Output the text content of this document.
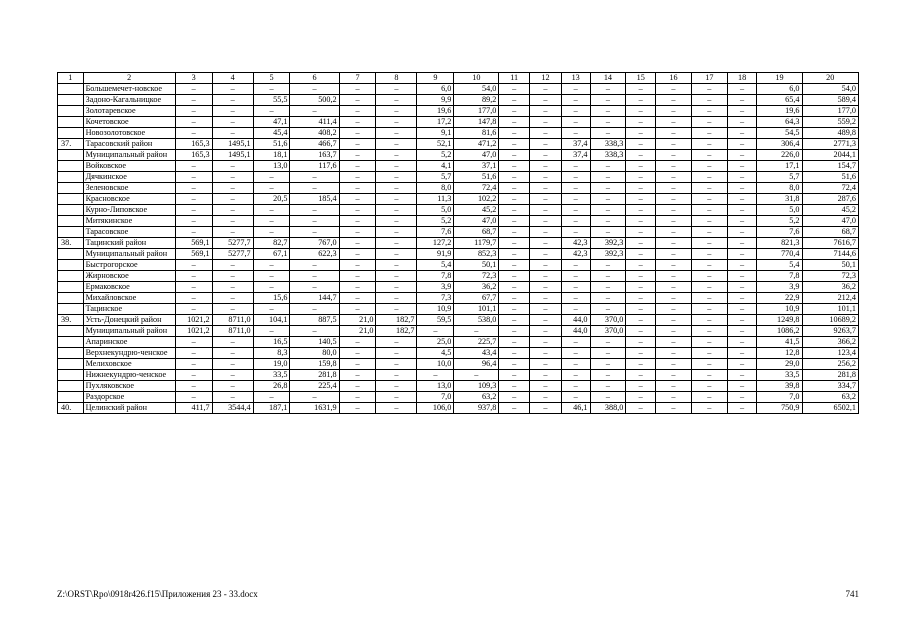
1	2	3	4	5	6	7	8	9	10	11	12	13	14	15	16	17	18	19	20
	Большемечет-новское	–	–	–	–	–	–	6,0	54,0	–	–	–	–	–	–	–	–	6,0	54,0
	Задоно-Кагальницкое	–	–	55,5	500,2	–	–	9,9	89,2	–	–	–	–	–	–	–	–	65,4	589,4
	Золотаревское	–	–	–	–	–	–	19,6	177,0	–	–	–	–	–	–	–	–	19,6	177,0
	Кочетовское	–	–	47,1	411,4	–	–	17,2	147,8	–	–	–	–	–	–	–	–	64,3	559,2
	Новозолотовское	–	–	45,4	408,2	–	–	9,1	81,6	–	–	–	–	–	–	–	–	54,5	489,8
37.	Тарасовский район	165,3	1495,1	51,6	466,7	–	–	52,1	471,2	–	–	37,4	338,3	–	–	–	–	306,4	2771,3
	Муниципальный район	165,3	1495,1	18,1	163,7	–	–	5,2	47,0	–	–	37,4	338,3	–	–	–	–	226,0	2044,1
	Войковское	–	–	13,0	117,6	–	–	4,1	37,1	–	–	–	–	–	–	–	–	17,1	154,7
	Дячкинское	–	–	–	–	–	–	5,7	51,6	–	–	–	–	–	–	–	–	5,7	51,6
	Зеленовское	–	–	–	–	–	–	8,0	72,4	–	–	–	–	–	–	–	–	8,0	72,4
	Красновское	–	–	20,5	185,4	–	–	11,3	102,2	–	–	–	–	–	–	–	–	31,8	287,6
	Курно-Липовское	–	–	–	–	–	–	5,0	45,2	–	–	–	–	–	–	–	–	5,0	45,2
	Митякинское	–	–	–	–	–	–	5,2	47,0	–	–	–	–	–	–	–	–	5,2	47,0
	Тарасовское	–	–	–	–	–	–	7,6	68,7	–	–	–	–	–	–	–	–	7,6	68,7
38.	Тацинский район	569,1	5277,7	82,7	767,0	–	–	127,2	1179,7	–	–	42,3	392,3	–	–	–	–	821,3	7616,7
	Муниципальный район	569,1	5277,7	67,1	622,3	–	–	91,9	852,3	–	–	42,3	392,3	–	–	–	–	770,4	7144,6
	Быстрогорское	–	–	–	–	–	–	5,4	50,1	–	–	–	–	–	–	–	–	5,4	50,1
	Жирновское	–	–	–	–	–	–	7,8	72,3	–	–	–	–	–	–	–	–	7,8	72,3
	Ермаковское	–	–	–	–	–	–	3,9	36,2	–	–	–	–	–	–	–	–	3,9	36,2
	Михайловское	–	–	15,6	144,7	–	–	7,3	67,7	–	–	–	–	–	–	–	–	22,9	212,4
	Тацинское	–	–	–	–	–	–	10,9	101,1	–	–	–	–	–	–	–	–	10,9	101,1
39.	Усть-Донецкий район	1021,2	8711,0	104,1	887,5	21,0	182,7	59,5	538,0	–	–	44,0	370,0	–	–	–	–	1249,8	10689,2
	Муниципальный район	1021,2	8711,0	–	–	21,0	182,7	–	–	–	–	44,0	370,0	–	–	–	–	1086,2	9263,7
	Апаринское	–	–	16,5	140,5	–	–	25,0	225,7	–	–	–	–	–	–	–	–	41,5	366,2
	Верхнекундрю-ченское	–	–	8,3	80,0	–	–	4,5	43,4	–	–	–	–	–	–	–	–	12,8	123,4
	Мелиховское	–	–	19,0	159,8	–	–	10,0	96,4	–	–	–	–	–	–	–	–	29,0	256,2
	Нижнекундрю-ченское	–	–	33,5	281,8	–	–	–	–	–	–	–	–	–	–	–	–	33,5	281,8
	Пухляковское	–	–	26,8	225,4	–	–	13,0	109,3	–	–	–	–	–	–	–	–	39,8	334,7
	Раздорское	–	–	–	–	–	–	7,0	63,2	–	–	–	–	–	–	–	–	7,0	63,2
40.	Целинский район	411,7	3544,4	187,1	1631,9	–	–	106,0	937,8	–	–	46,1	388,0	–	–	–	–	750,9	6502,1
Z:\ORST\Rpo\0918r426.f15\Приложения 23 - 33.docx	741
